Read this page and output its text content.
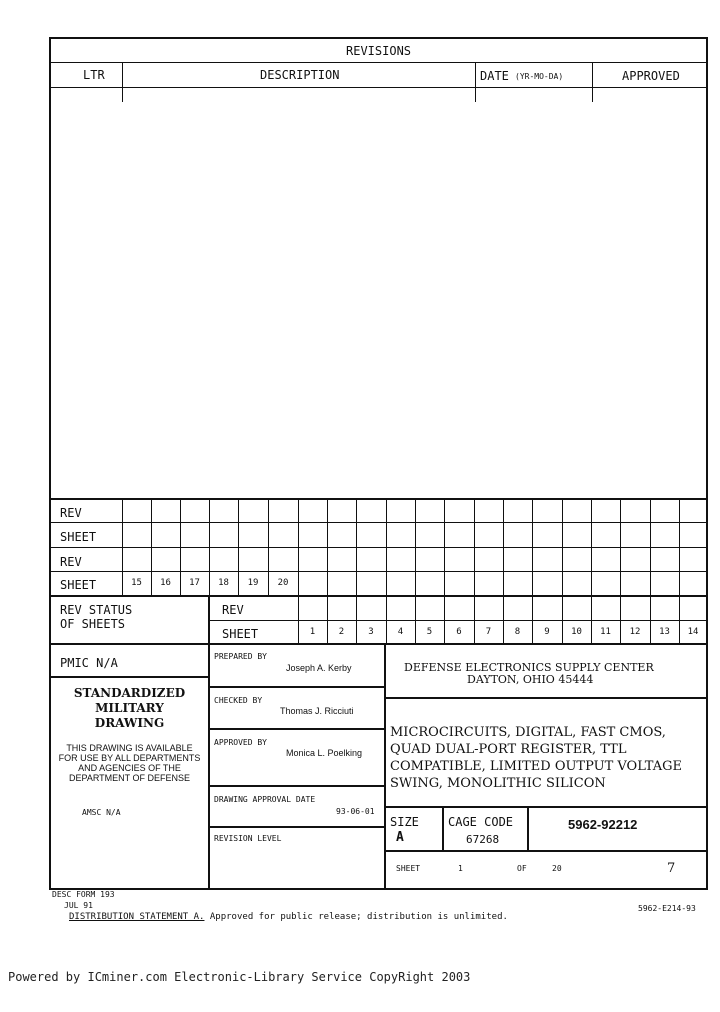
REVISIONS
LTR	DESCRIPTION	DATE (YR-MO-DA)	APPROVED
REV
SHEET
REV
SHEET	15	16	17	18	19	20
REV STATUS
OF SHEETS
REV
SHEET	1	2	3	4	5	6	7	8	9	10	11	12	13	14
PMIC N/A
STANDARDIZED
MILITARY
DRAWING
THIS DRAWING IS AVAILABLE
FOR USE BY ALL DEPARTMENTS
AND AGENCIES OF THE
DEPARTMENT OF DEFENSE
AMSC N/A
PREPARED BY
Joseph A. Kerby
CHECKED BY
Thomas J. Ricciuti
APPROVED BY
Monica L. Poelking
DRAWING APPROVAL DATE
93-06-01
REVISION LEVEL
DEFENSE ELECTRONICS SUPPLY CENTER
DAYTON, OHIO 45444
MICROCIRCUITS, DIGITAL, FAST CMOS,
QUAD DUAL-PORT REGISTER, TTL
COMPATIBLE, LIMITED OUTPUT VOLTAGE
SWING, MONOLITHIC SILICON
SIZE
A
CAGE CODE
67268
5962-92212
SHEET	1	OF	20	7
DESC FORM 193
JUL 91
DISTRIBUTION STATEMENT A. Approved for public release; distribution is unlimited.
5962-E214-93
Powered by ICminer.com Electronic-Library Service CopyRight 2003
